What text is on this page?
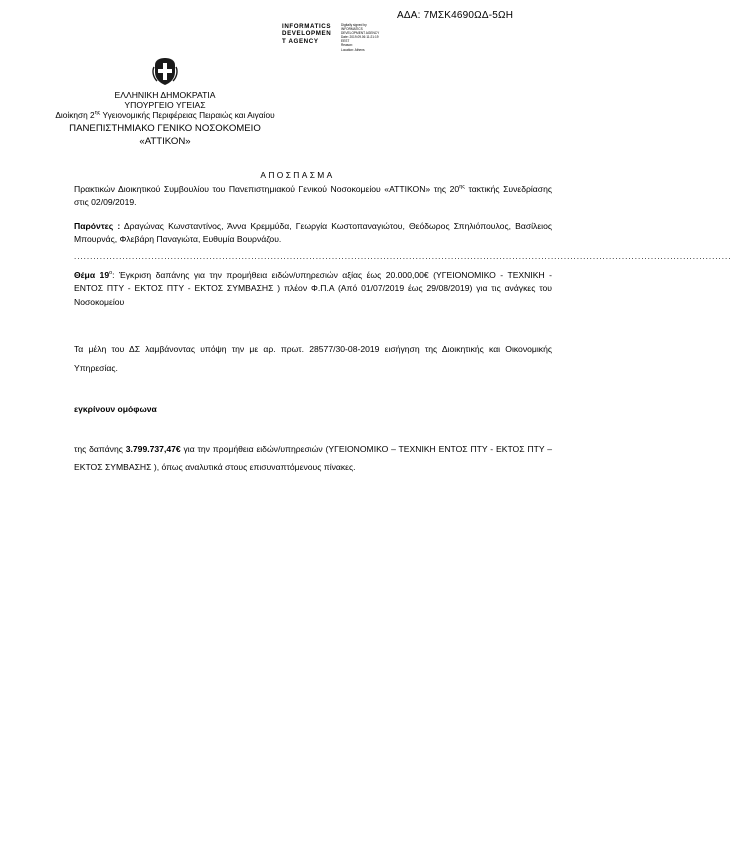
ΑΔΑ: 7ΜΣΚ4690ΩΔ-5ΩΗ
INFORMATICS
DEVELOPMEN
T AGENCY
Digitally signed by
INFORMATICS
DEVELOPMENT AGENCY
Date: 2019.09.06 11:21:19
EEST
Reason:
Location: Athens
ΕΛΛΗΝΙΚΗ ΔΗΜΟΚΡΑΤΙΑ
ΥΠΟΥΡΓΕΙΟ ΥΓΕΙΑΣ
Διοίκηση $2^{\eta\varsigma}$ Υγειονομικής Περιφέρειας Πειραιώς και Αιγαίου
ΠΑΝΕΠΙΣΤΗΜΙΑΚΟ ΓΕΝΙΚΟ ΝΟΣΟΚΟΜΕΙΟ
«ΑΤΤΙΚΟΝ»
ΑΠΟΣΠΑΣΜΑ
Πρακτικών Διοικητικού Συμβουλίου του Πανεπιστημιακού Γενικού Νοσοκομείου «ΑΤΤΙΚΟΝ» της $20^{\eta\varsigma}$ τακτικής Συνεδρίασης στις 02/09/2019.
Παρόντες : Δραγώνας Κωνσταντίνος, Άννα Κρεμμύδα, Γεωργία Κωστοπαναγιώτου, Θεόδωρος Σπηλιόπουλος, Βασίλειος Μπουρνάς, Φλεβάρη Παναγιώτα, Ευθυμία Βουρνάζου.
............................................................................................................................................................................................................
Θέμα $19^o$: Έγκριση δαπάνης για την προμήθεια ειδών/υπηρεσιών αξίας έως 20.000,00€ (ΥΓΕΙΟΝΟΜΙΚΟ - ΤΕΧΝΙΚΗ - ΕΝΤΟΣ ΠΤΥ - ΕΚΤΟΣ ΠΤΥ - ΕΚΤΟΣ ΣΥΜΒΑΣΗΣ ) πλέον Φ.Π.Α (Από 01/07/2019 έως 29/08/2019) για τις ανάγκες του Νοσοκομείου
Τα μέλη του ΔΣ λαμβάνοντας υπόψη την με αρ. πρωτ. 28577/30-08-2019 εισήγηση της Διοικητικής και Οικονομικής Υπηρεσίας.
εγκρίνουν ομόφωνα
της δαπάνης 3.799.737,47€ για την προμήθεια ειδών/υπηρεσιών (ΥΓΕΙΟΝΟΜΙΚΟ – ΤΕΧΝΙΚΗ ΕΝΤΟΣ ΠΤΥ - ΕΚΤΟΣ ΠΤΥ – ΕΚΤΟΣ ΣΥΜΒΑΣΗΣ ), όπως αναλυτικά στους επισυναπτόμενους πίνακες.
